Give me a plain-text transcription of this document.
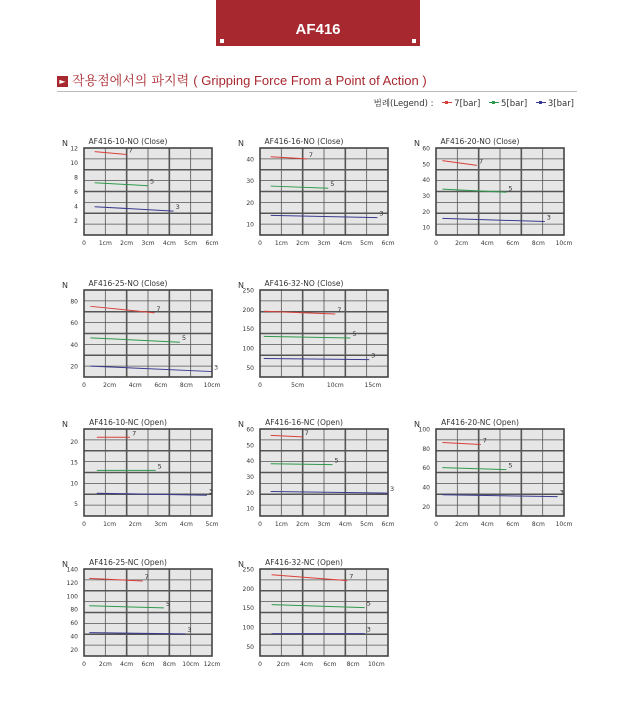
AF416
► 작용점에서의 파지력 ( Gripping Force From a Point of Action )
범례(Legend) : 7[bar] 5[bar] 3[bar]
AF416-10-NO (Close)
N
2
4
6
8
10
12
0 1cm 2cm 3cm 4cm 5cm 6cm
7
5
3
AF416-16-NO (Close)
N
10
20
30
40
0 1cm 2cm 3cm 4cm 5cm 6cm
7
5
3
AF416-20-NO (Close)
N
10
20
30
40
50
60
0	2cm 4cm 6cm 8cm 10cm
7
5
3
AF416-25-NO (Close)
N
20
40
60
80
0	2cm 4cm 6cm 8cm 10cm
7
5
3
AF416-32-NO (Close)
N
50
100
150
200
250
0	5cm	10cm	15cm
7
5
3
AF416-10-NC (Open)
N
5
10
15
20
0	1cm 2cm 3cm 4cm 5cm
7
5
3
AF416-16-NC (Open)
N
10
20
30
40
50
60
0 1cm 2cm 3cm 4cm 5cm 6cm
7
5
3
AF416-20-NC (Open)
N
20
40
60
80
100
0	2cm 4cm 6cm 8cm 10cm
7
5
3
AF416-25-NC (Open)
N
20
40
60
80
100
120
140
0 2cm 4cm 6cm 8cm 10cm 12cm
7
5
3
AF416-32-NC (Open)
N
50
100
150
200
250
0 2cm 4cm 6cm 8cm 10cm
7
5
3
